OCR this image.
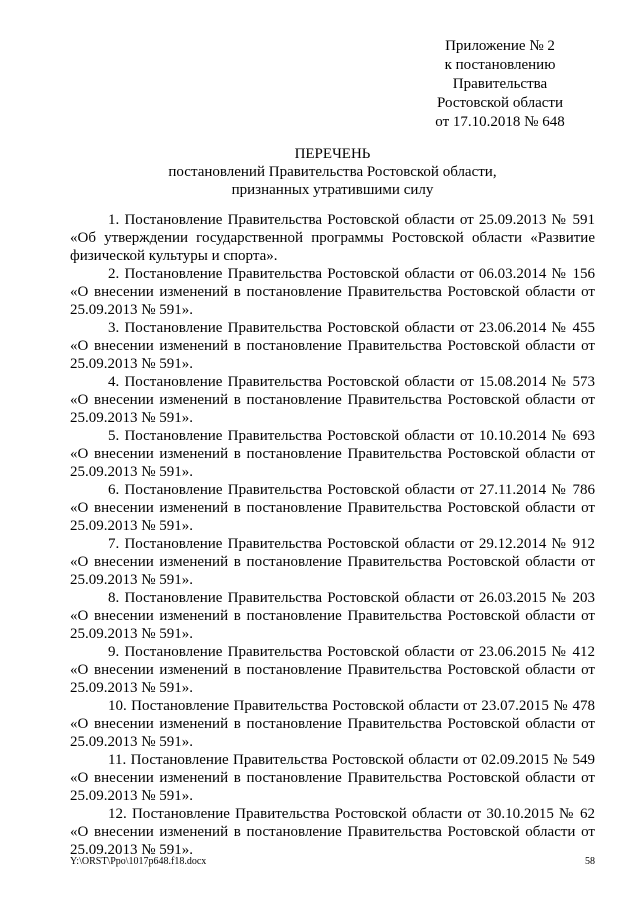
Приложение № 2
к постановлению
Правительства
Ростовской области
от 17.10.2018 № 648
ПЕРЕЧЕНЬ
постановлений Правительства Ростовской области,
признанных утратившими силу

1. Постановление Правительства Ростовской области от 25.09.2013 № 591 «Об утверждении государственной программы Ростовской области «Развитие физической культуры и спорта».

2. Постановление Правительства Ростовской области от 06.03.2014 № 156 «О внесении изменений в постановление Правительства Ростовской области от 25.09.2013 № 591».

3. Постановление Правительства Ростовской области от 23.06.2014 № 455 «О внесении изменений в постановление Правительства Ростовской области от 25.09.2013 № 591».

4. Постановление Правительства Ростовской области от 15.08.2014 № 573 «О внесении изменений в постановление Правительства Ростовской области от 25.09.2013 № 591».

5. Постановление Правительства Ростовской области от 10.10.2014 № 693 «О внесении изменений в постановление Правительства Ростовской области от 25.09.2013 № 591».

6. Постановление Правительства Ростовской области от 27.11.2014 № 786 «О внесении изменений в постановление Правительства Ростовской области от 25.09.2013 № 591».

7. Постановление Правительства Ростовской области от 29.12.2014 № 912 «О внесении изменений в постановление Правительства Ростовской области от 25.09.2013 № 591».

8. Постановление Правительства Ростовской области от 26.03.2015 № 203 «О внесении изменений в постановление Правительства Ростовской области от 25.09.2013 № 591».

9. Постановление Правительства Ростовской области от 23.06.2015 № 412 «О внесении изменений в постановление Правительства Ростовской области от 25.09.2013 № 591».

10. Постановление Правительства Ростовской области от 23.07.2015 № 478 «О внесении изменений в постановление Правительства Ростовской области от 25.09.2013 № 591».

11. Постановление Правительства Ростовской области от 02.09.2015 № 549 «О внесении изменений в постановление Правительства Ростовской области от 25.09.2013 № 591».

12. Постановление Правительства Ростовской области от 30.10.2015 № 62 «О внесении изменений в постановление Правительства Ростовской области от 25.09.2013 № 591».

Y:\ORST\Ppo\1017p648.f18.docx	58
